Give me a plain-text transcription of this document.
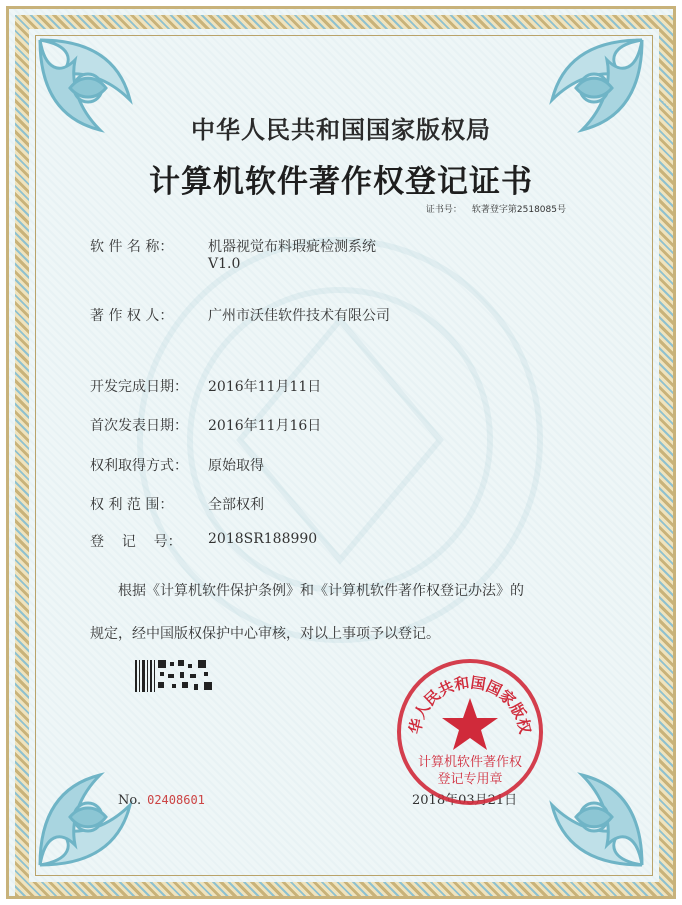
中华人民共和国国家版权局
计算机软件著作权登记证书
证书号： 软著登字第2518085号
软 件 名 称： 机器视觉布料瑕疵检测系统
V1.0
著 作 权 人： 广州市沃佳软件技术有限公司
开发完成日期： 2016年11月11日
首次发表日期： 2016年11月16日
权利取得方式： 原始取得
权 利 范 围： 全部权利
登    记    号： 2018SR188990
根据《计算机软件保护条例》和《计算机软件著作权登记办法》的
规定，经中国版权保护中心审核，对以上事项予以登记。
No. 02408601	2018年03月21日
华人民共和国国家版权
计算机软件著作权
登记专用章
